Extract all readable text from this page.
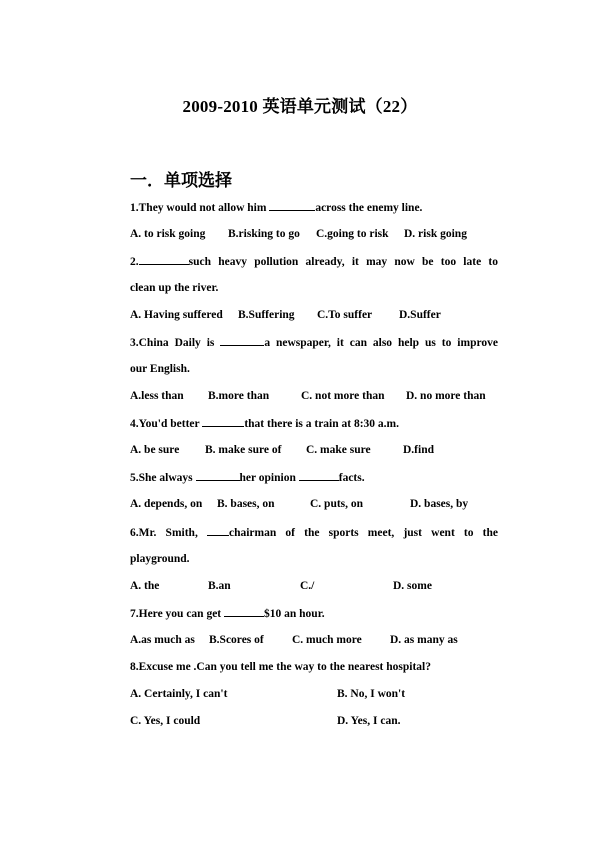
2009-2010 英语单元测试（22）
一．单项选择
1.They would not allow him	across the enemy line.
A. to risk going B.risking to go C.going to risk D. risk going
2.	such heavy pollution already, it may now be too late to
clean up the river.
A. Having suffered B.Suffering C.To suffer D.Suffer
3.China Daily is	a newspaper, it can also help us to improve
our English.
A.less than B.more than	C. not more than D. no more than
4.You'd better	that there is a train at 8:30 a.m.
A. be sure B. make sure of C. make sure	D.find
5.She always	her opinion	facts.
A. depends, on B. bases, on	C. puts, on	D. bases, by
6.Mr. Smith, chairman of the sports meet, just went to the
playground.
A. the	B.an	C./	D. some
7.Here you can get	$10 an hour.
A.as much as B.Scores of C. much more D. as many as
8.Excuse me .Can you tell me the way to the nearest hospital?
A. Certainly, I can't	B. No, I won't
C. Yes, I could	D. Yes, I can.
